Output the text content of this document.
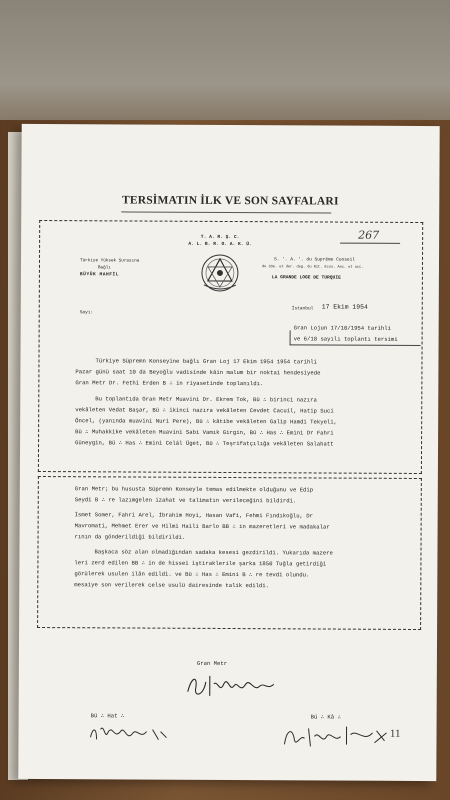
TERSİMATIN İLK VE SON SAYFALARI
T. A. R. Ş. C.
A. L. B. R. O. A. K. Ü.
Türkiye Yüksek Şurasına
Bağlı
BÜYÜK MAHFİL
S. '. A. '. du Suprême Conseil
du 33e. et der. deg. du Rit. Ecos. Anc. et acc.
LA GRANDE LOGE DE TURQUIE
267
Sayı:
İstanbul 17 Ekim 1954
Gran Lojun 17/10/1954 tarihli
ve 6/18 sayılı toplantı tersimi
Türkiye Süpremn Konseyine bağlı Gran Loj 17 Ekim 1954 1954 tarihli
Pazar günü saat 10 da Beyoğlu vadisinde kâin malum bir noktai hendesiyede
Gran Metr Dr. Fethi Erden B ∴ in riyasetinde toplanıldı.
Bu toplantıda Gran Metr Muavini Dr. Ekrem Tok, Bü ∴ birinci nazıra
vekâleten Vedat Başar, Bü ∴ ikinci nazıra vekâleten Cevdet Cacuil, Hatip Suci
Öncel, (yanında muavini Nuri Pere), Bü ∴ kâtibe vekâleten Galip Hamdi Tekyeli,
Bü ∴ Muhakkike vekâleten Muavini Sabi Vamık Girgin, Bü ∴ Has ∴ Emini Dr Fahri
Güneygin, Bü ∴ Has ∴ Emini Celâl Üget, Bü ∴ Teşrifatçılığa vekâleten Salahatt
Gran Metr; bu hususta Süpremn Konseyle temas edilmekte olduğunu ve Edip
Seydi B ∴ re lazımgelen izahat ve talimatın verileceğini bildirdi.
İsmet Somer, Fahri Arel, İbrahim Hoyi, Hasan Vafi, Fehmi Fındıkoğlu, Dr
Mavromati, Mehmet Erer ve Hilmi Haili Barlo BB ∴ in mazeretleri ve madakalar
rının da gönderildiği bildirildi.
Başkaca söz alan olmadığından sadaka kesesi gezdirildi. Yukarıda mazere
leri zerd edilen BB ∴ in de hissei iştiraklerile şarka 1850 Tuğla getirdiği
görülerek usulen ilân edildi. ve Bü ∴ Has ∴ Emini B ∴ re tevdi olundu.
mesaiye son verilerek celse usulü dairesinde talik edildi.
Gran Metr
Bü ∴ Hat ∴	Bü ∴ Kâ ∴
11
